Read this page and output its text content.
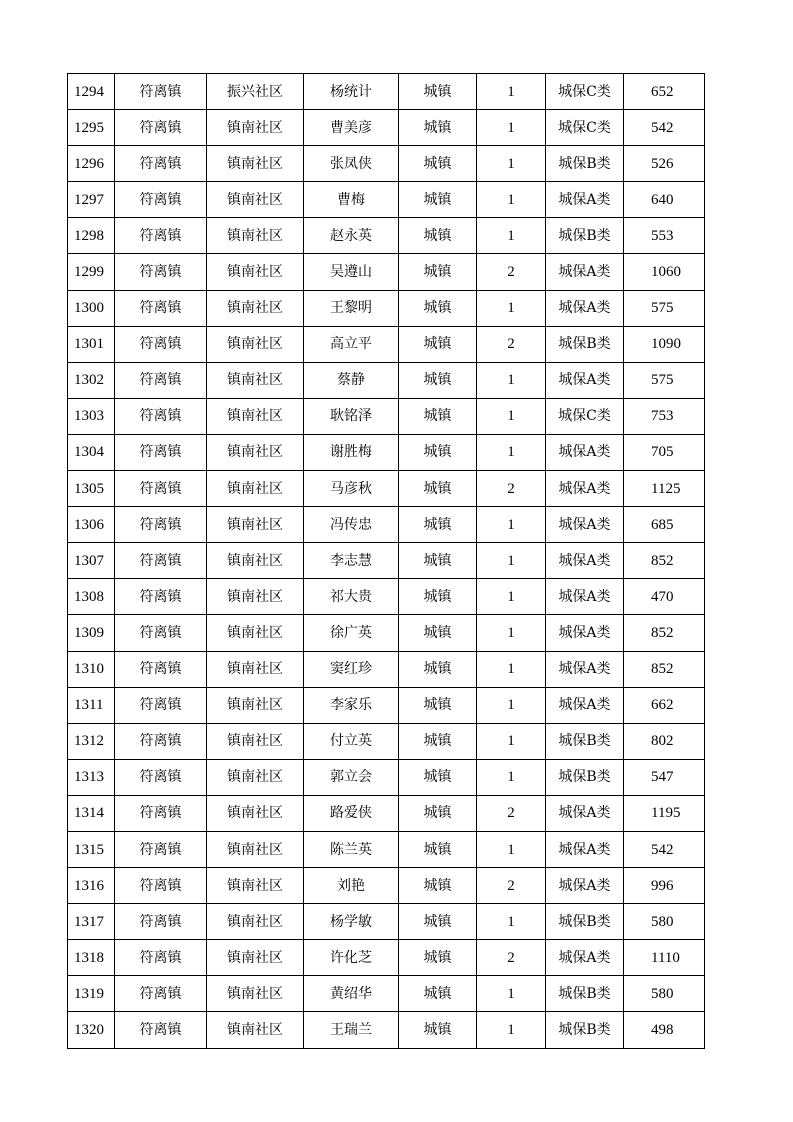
1294	符离镇	振兴社区	杨统计	城镇	1	城保C类	652
1295	符离镇	镇南社区	曹美彦	城镇	1	城保C类	542
1296	符离镇	镇南社区	张凤侠	城镇	1	城保B类	526
1297	符离镇	镇南社区	曹梅	城镇	1	城保A类	640
1298	符离镇	镇南社区	赵永英	城镇	1	城保B类	553
1299	符离镇	镇南社区	吴遵山	城镇	2	城保A类	1060
1300	符离镇	镇南社区	王黎明	城镇	1	城保A类	575
1301	符离镇	镇南社区	高立平	城镇	2	城保B类	1090
1302	符离镇	镇南社区	蔡静	城镇	1	城保A类	575
1303	符离镇	镇南社区	耿铭泽	城镇	1	城保C类	753
1304	符离镇	镇南社区	谢胜梅	城镇	1	城保A类	705
1305	符离镇	镇南社区	马彦秋	城镇	2	城保A类	1125
1306	符离镇	镇南社区	冯传忠	城镇	1	城保A类	685
1307	符离镇	镇南社区	李志慧	城镇	1	城保A类	852
1308	符离镇	镇南社区	祁大贵	城镇	1	城保A类	470
1309	符离镇	镇南社区	徐广英	城镇	1	城保A类	852
1310	符离镇	镇南社区	窦红珍	城镇	1	城保A类	852
1311	符离镇	镇南社区	李家乐	城镇	1	城保A类	662
1312	符离镇	镇南社区	付立英	城镇	1	城保B类	802
1313	符离镇	镇南社区	郭立会	城镇	1	城保B类	547
1314	符离镇	镇南社区	路爱侠	城镇	2	城保A类	1195
1315	符离镇	镇南社区	陈兰英	城镇	1	城保A类	542
1316	符离镇	镇南社区	刘艳	城镇	2	城保A类	996
1317	符离镇	镇南社区	杨学敏	城镇	1	城保B类	580
1318	符离镇	镇南社区	许化芝	城镇	2	城保A类	1110
1319	符离镇	镇南社区	黄绍华	城镇	1	城保B类	580
1320	符离镇	镇南社区	王瑞兰	城镇	1	城保B类	498
